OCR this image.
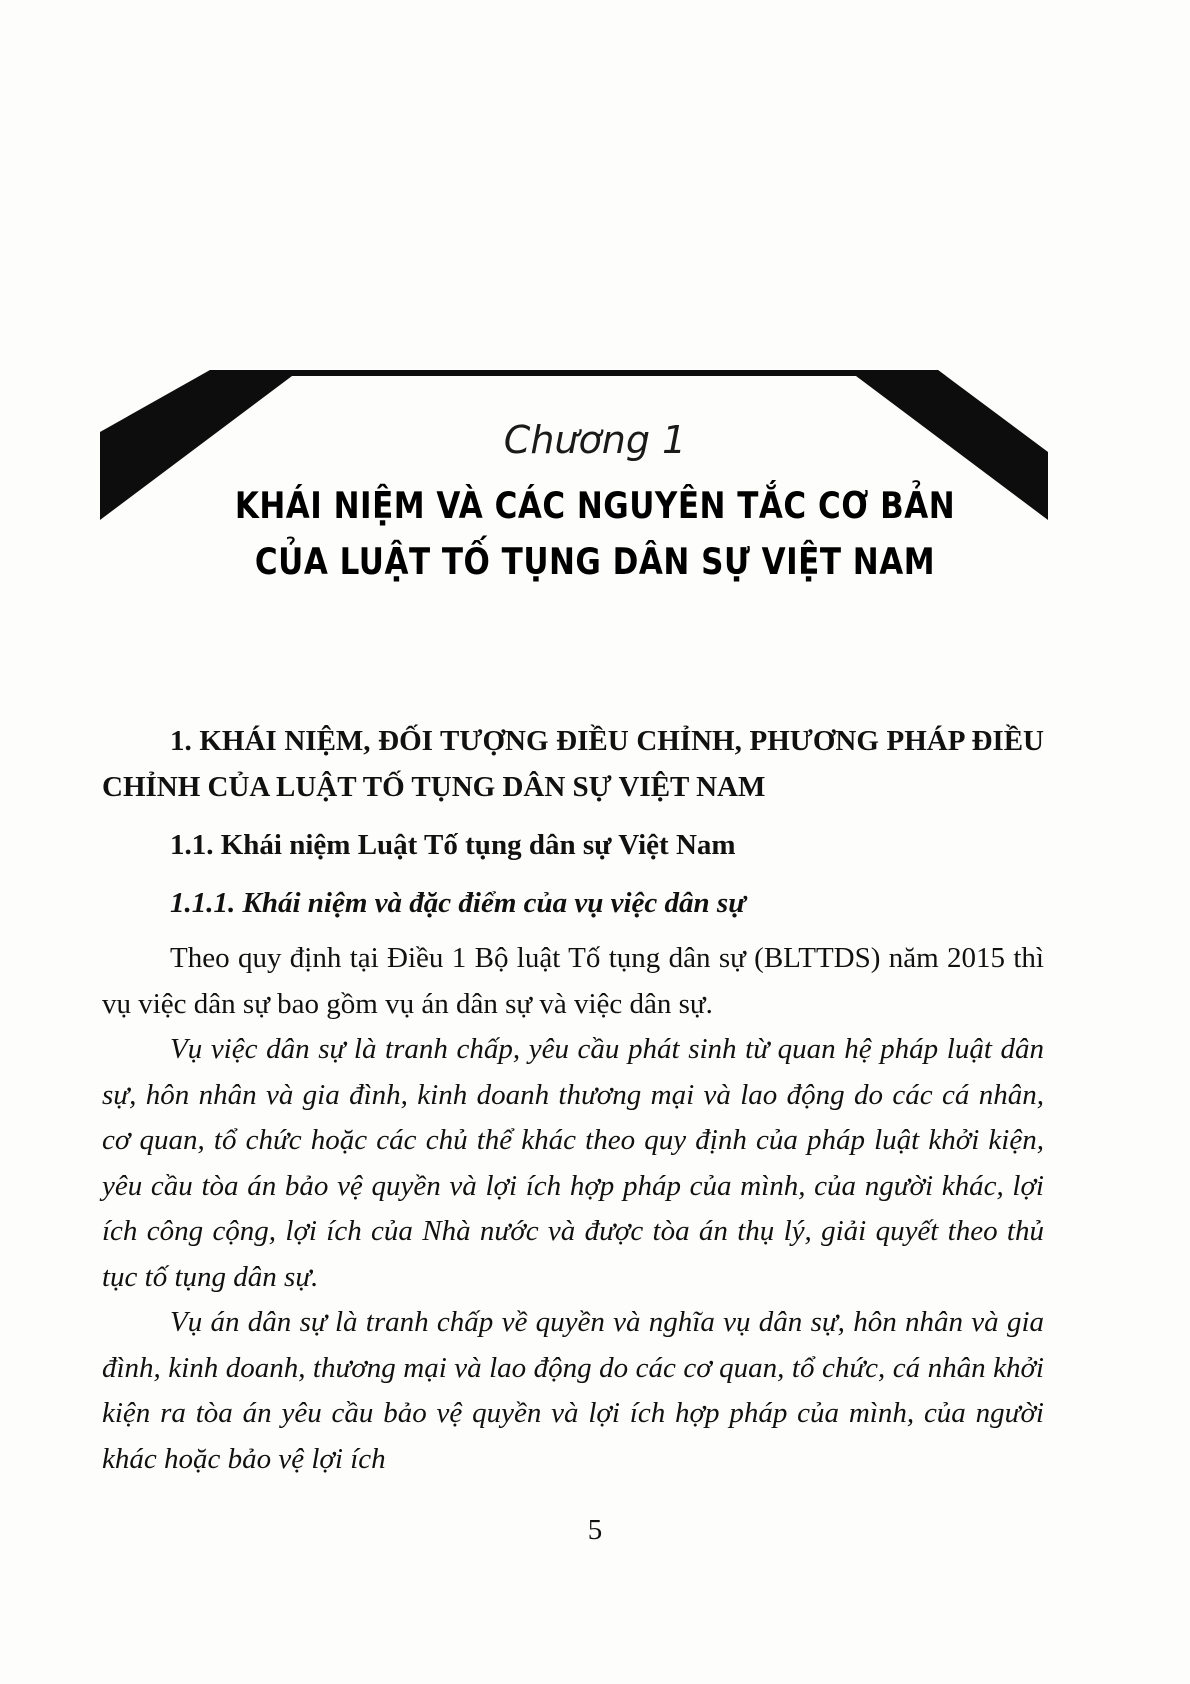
Chương 1
KHÁI NIỆM VÀ CÁC NGUYÊN TẮC CƠ BẢN
CỦA LUẬT TỐ TỤNG DÂN SỰ VIỆT NAM

1. KHÁI NIỆM, ĐỐI TƯỢNG ĐIỀU CHỈNH, PHƯƠNG PHÁP ĐIỀU CHỈNH CỦA LUẬT TỐ TỤNG DÂN SỰ VIỆT NAM

1.1. Khái niệm Luật Tố tụng dân sự Việt Nam

1.1.1. Khái niệm và đặc điểm của vụ việc dân sự

Theo quy định tại Điều 1 Bộ luật Tố tụng dân sự (BLTTDS) năm 2015 thì vụ việc dân sự bao gồm vụ án dân sự và việc dân sự.

Vụ việc dân sự là tranh chấp, yêu cầu phát sinh từ quan hệ pháp luật dân sự, hôn nhân và gia đình, kinh doanh thương mại và lao động do các cá nhân, cơ quan, tổ chức hoặc các chủ thể khác theo quy định của pháp luật khởi kiện, yêu cầu tòa án bảo vệ quyền và lợi ích hợp pháp của mình, của người khác, lợi ích công cộng, lợi ích của Nhà nước và được tòa án thụ lý, giải quyết theo thủ tục tố tụng dân sự.

Vụ án dân sự là tranh chấp về quyền và nghĩa vụ dân sự, hôn nhân và gia đình, kinh doanh, thương mại và lao động do các cơ quan, tổ chức, cá nhân khởi kiện ra tòa án yêu cầu bảo vệ quyền và lợi ích hợp pháp của mình, của người khác hoặc bảo vệ lợi ích

5
